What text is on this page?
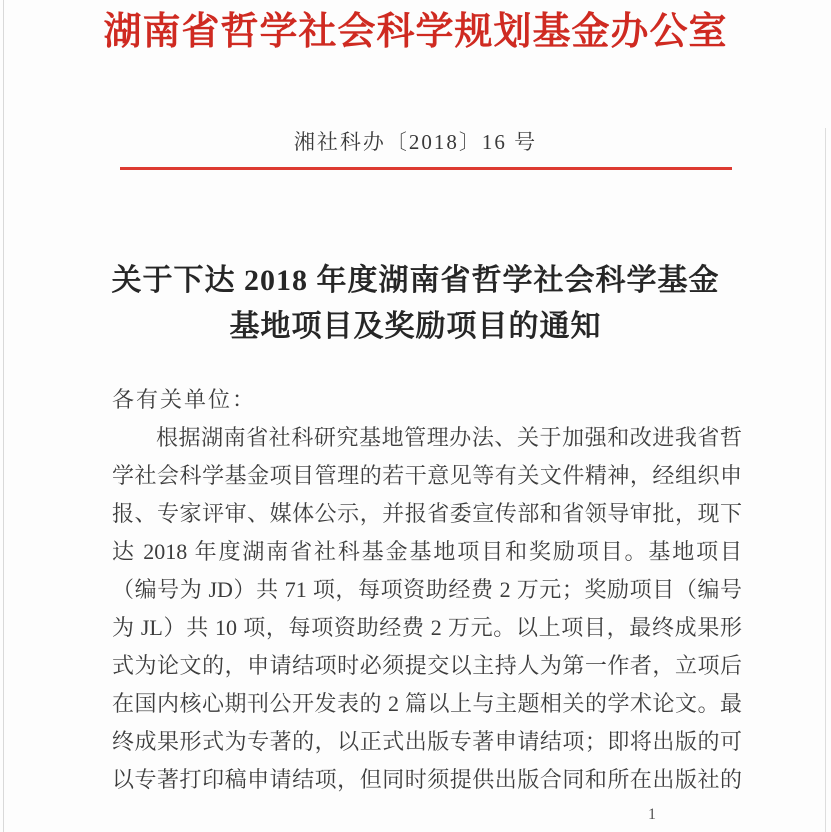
湖南省哲学社会科学规划基金办公室
湘社科办〔2018〕16 号
关于下达 2018 年度湖南省哲学社会科学基金
基地项目及奖励项目的通知
各有关单位：
根据湖南省社科研究基地管理办法、关于加强和改进我省哲
学社会科学基金项目管理的若干意见等有关文件精神，经组织申
报、专家评审、媒体公示，并报省委宣传部和省领导审批，现下
达 2018 年度湖南省社科基金基地项目和奖励项目。基地项目
（编号为 JD）共 71 项，每项资助经费 2 万元；奖励项目（编号
为 JL）共 10 项，每项资助经费 2 万元。以上项目，最终成果形
式为论文的，申请结项时必须提交以主持人为第一作者，立项后
在国内核心期刊公开发表的 2 篇以上与主题相关的学术论文。最
终成果形式为专著的，以正式出版专著申请结项；即将出版的可
以专著打印稿申请结项，但同时须提供出版合同和所在出版社的
1
